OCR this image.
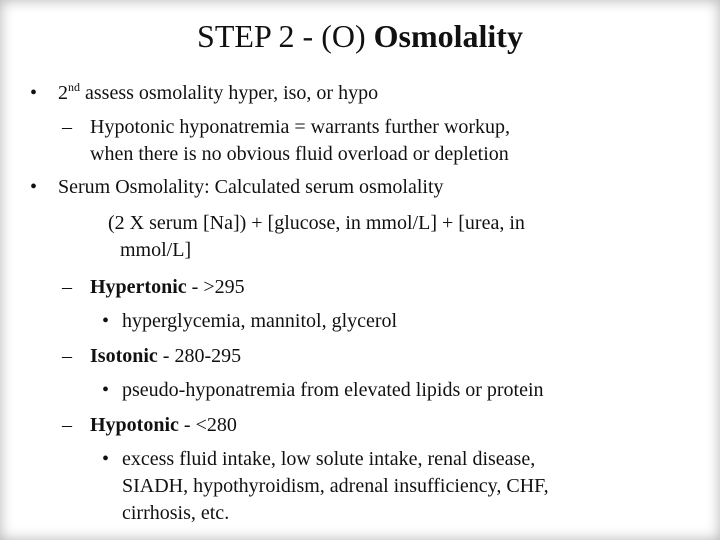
STEP 2 - (O) Osmolality
• 2nd assess osmolality hyper, iso, or hypo
– Hypotonic hyponatremia = warrants further workup,
when there is no obvious fluid overload or depletion
• Serum Osmolality: Calculated serum osmolality
(2 X serum [Na]) + [glucose, in mmol/L] + [urea, in
mmol/L]
– Hypertonic - >295
• hyperglycemia, mannitol, glycerol
– Isotonic - 280-295
• pseudo-hyponatremia from elevated lipids or protein
– Hypotonic - <280
• excess fluid intake, low solute intake, renal disease,
SIADH, hypothyroidism, adrenal insufficiency, CHF,
cirrhosis, etc.
